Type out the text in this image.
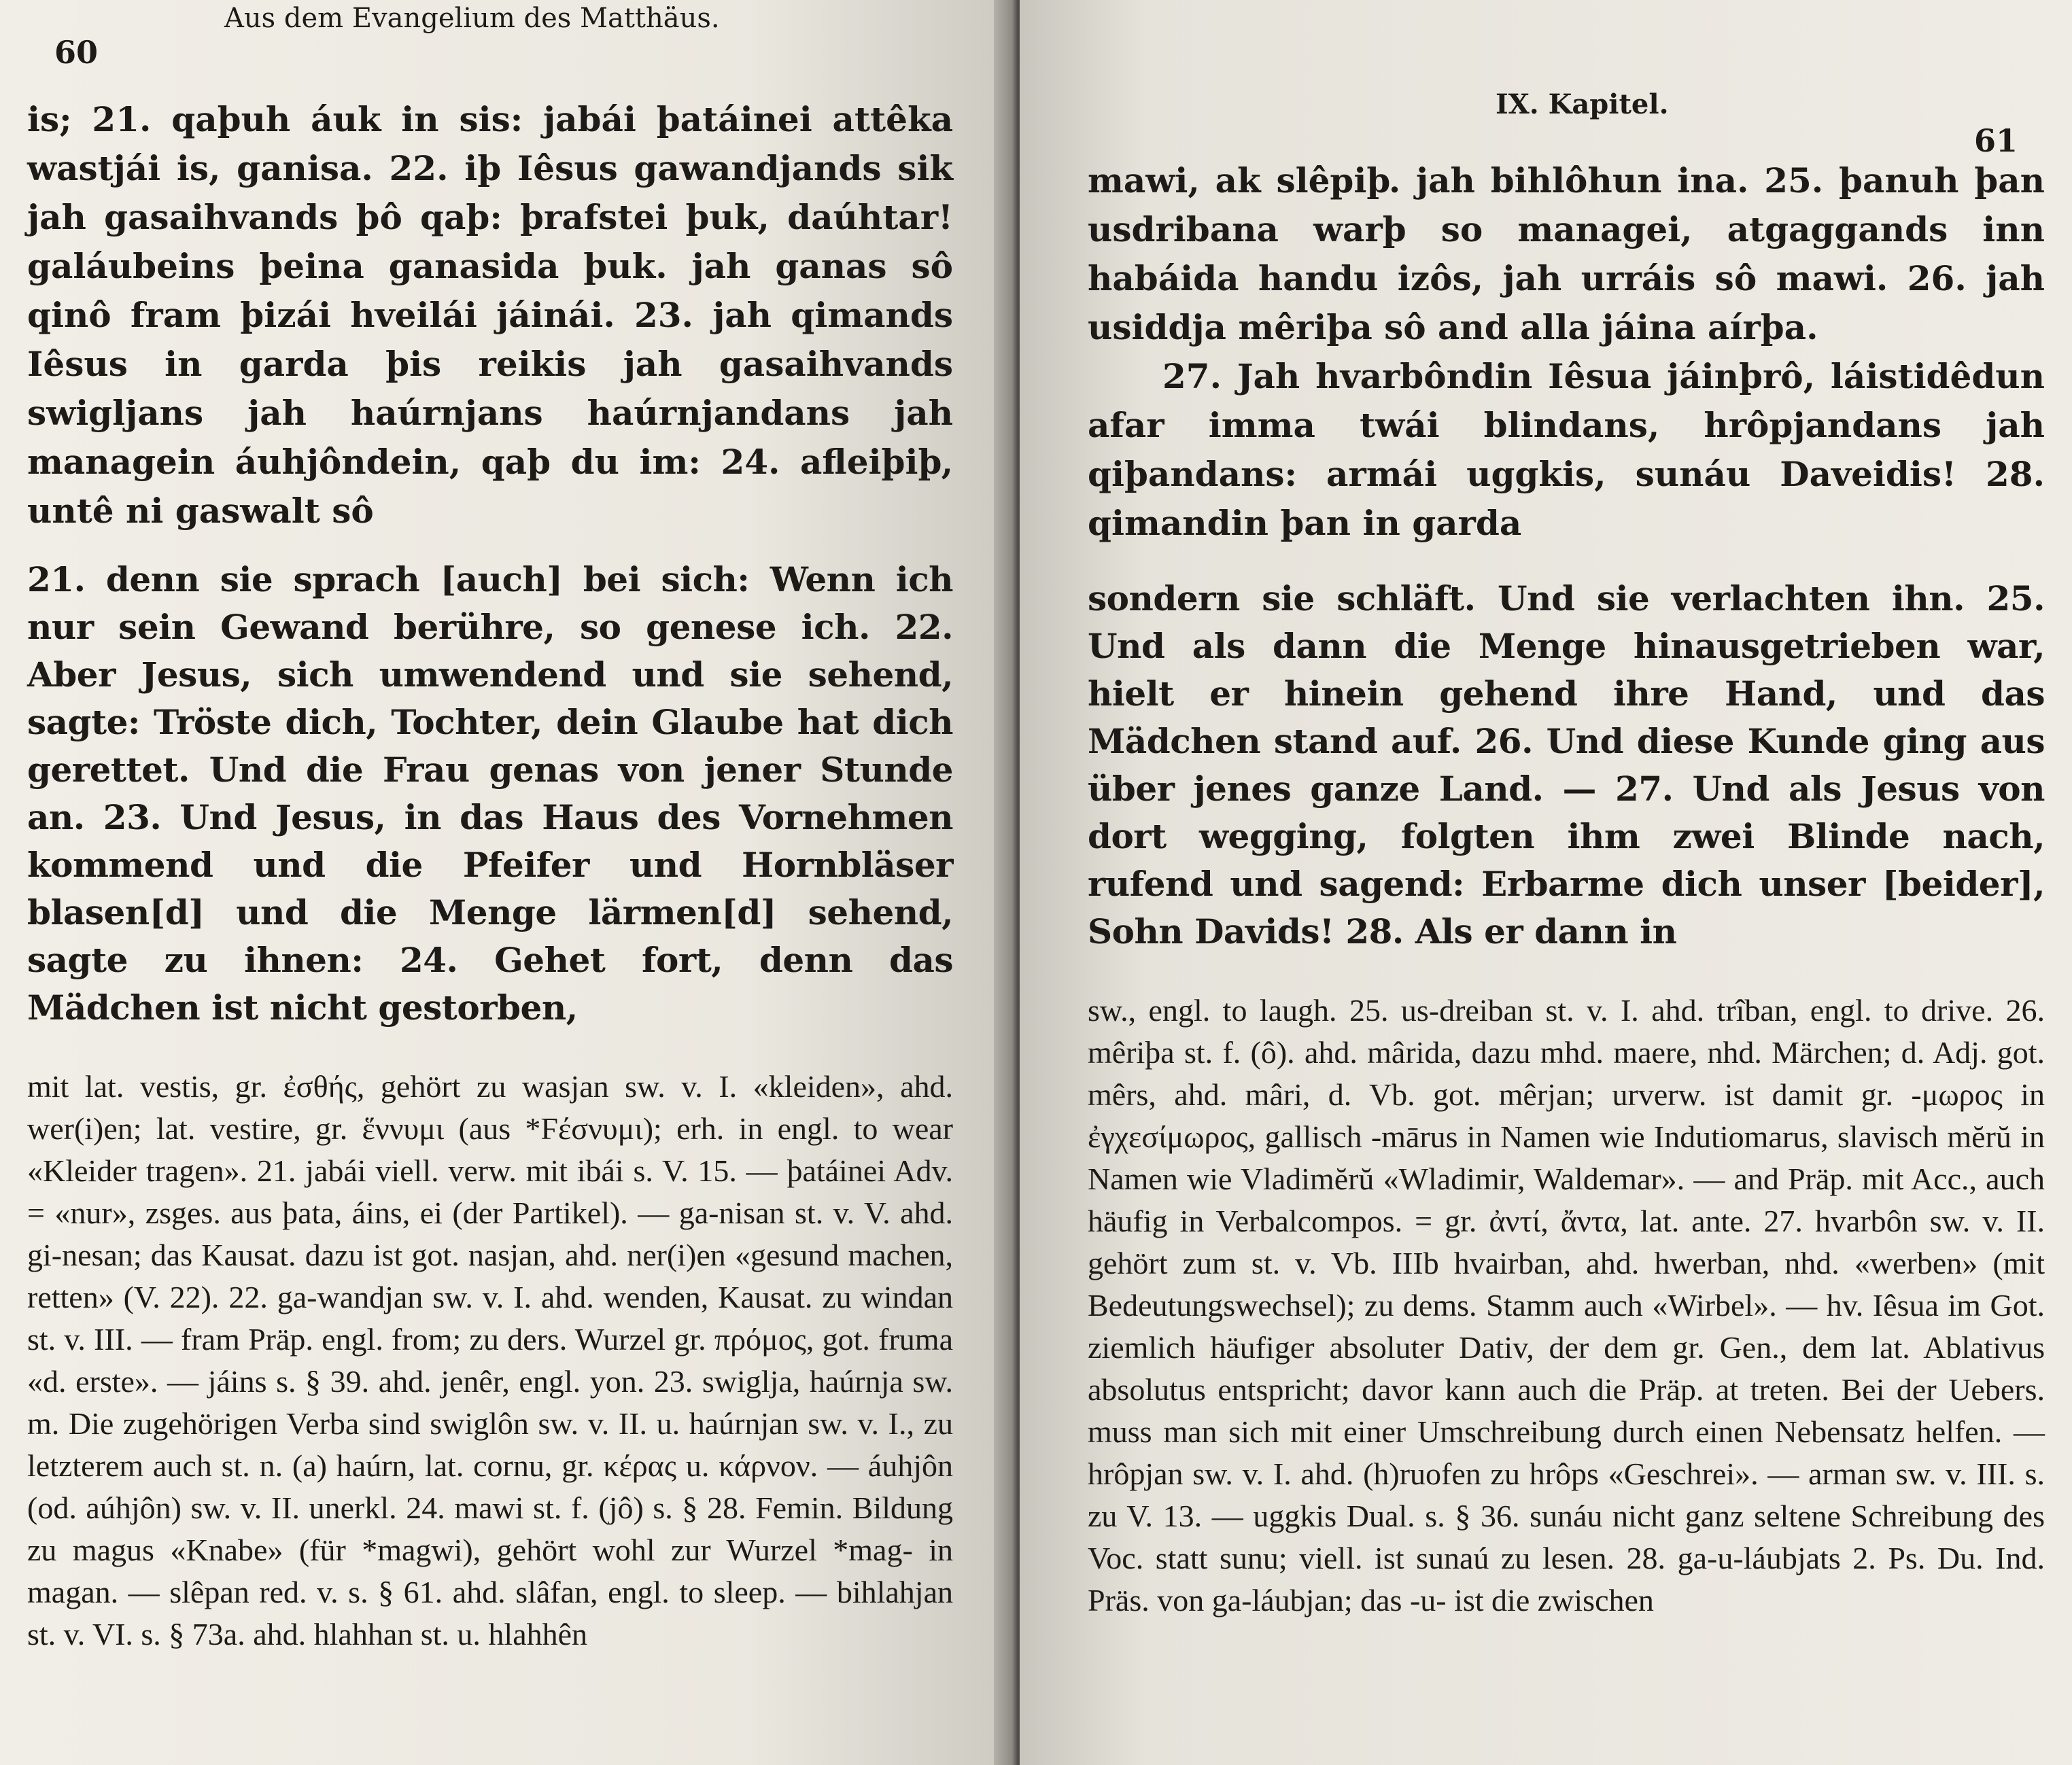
60
Aus dem Evangelium des Matthäus.

is; 21. qaþuh áuk in sis: jabái þatáinei attêka wastjái is, ganisa. 22. iþ Iêsus gawandjands sik jah gasaihvands þô qaþ: þrafstei þuk, daúhtar! galáubeins þeina ganasida þuk. jah ganas sô qinô fram þizái hveilái jáinái. 23. jah qimands Iêsus in garda þis reikis jah gasaihvands swigljans jah haúrnjans haúrnjandans jah managein áuhjôndein, qaþ du im: 24. afleiþiþ, untê ni gaswalt sô

21. denn sie sprach [auch] bei sich: Wenn ich nur sein Gewand berühre, so genese ich. 22. Aber Jesus, sich umwendend und sie sehend, sagte: Tröste dich, Tochter, dein Glaube hat dich gerettet. Und die Frau genas von jener Stunde an. 23. Und Jesus, in das Haus des Vornehmen kommend und die Pfeifer und Hornbläser blasen[d] und die Menge lärmen[d] sehend, sagte zu ihnen: 24. Gehet fort, denn das Mädchen ist nicht gestorben,

mit lat. vestis, gr. ἐσθής, gehört zu wasjan sw. v. I. «kleiden», ahd. wer(i)en; lat. vestire, gr. ἕννυμι (aus *Ϝέσνυμι); erh. in engl. to wear «Kleider tragen». 21. jabái viell. verw. mit ibái s. V. 15. — þatáinei Adv. = «nur», zsges. aus þata, áins, ei (der Partikel). — ga-nisan st. v. V. ahd. gi-nesan; das Kausat. dazu ist got. nasjan, ahd. ner(i)en «gesund machen, retten» (V. 22). 22. ga-wandjan sw. v. I. ahd. wenden, Kausat. zu windan st. v. III. — fram Präp. engl. from; zu ders. Wurzel gr. πρόμος, got. fruma «d. erste». — jáins s. § 39. ahd. jenêr, engl. yon. 23. swiglja, haúrnja sw. m. Die zugehörigen Verba sind swiglôn sw. v. II. u. haúrnjan sw. v. I., zu letzterem auch st. n. (a) haúrn, lat. cornu, gr. κέρας u. κάρνον. — áuhjôn (od. aúhjôn) sw. v. II. unerkl. 24. mawi st. f. (jô) s. § 28. Femin. Bildung zu magus «Knabe» (für *magwi), gehört wohl zur Wurzel *mag- in magan. — slêpan red. v. s. § 61. ahd. slâfan, engl. to sleep. — bihlahjan st. v. VI. s. § 73a. ahd. hlahhan st. u. hlahhên

IX. Kapitel.
61

mawi, ak slêpiþ. jah bihlôhun ina. 25. þanuh þan usdribana warþ so managei, atgaggands inn habáida handu izôs, jah urráis sô mawi. 26. jah usiddja mêriþa sô and alla jáina aírþa.

27. Jah hvarbôndin Iêsua jáinþrô, láistidêdun afar imma twái blindans, hrôpjandans jah qiþandans: armái uggkis, sunáu Daveidis! 28. qimandin þan in garda

sondern sie schläft. Und sie verlachten ihn. 25. Und als dann die Menge hinausgetrieben war, hielt er hinein gehend ihre Hand, und das Mädchen stand auf. 26. Und diese Kunde ging aus über jenes ganze Land. — 27. Und als Jesus von dort wegging, folgten ihm zwei Blinde nach, rufend und sagend: Erbarme dich unser [beider], Sohn Davids! 28. Als er dann in

sw., engl. to laugh. 25. us-dreiban st. v. I. ahd. trîban, engl. to drive. 26. mêriþa st. f. (ô). ahd. mârida, dazu mhd. maere, nhd. Märchen; d. Adj. got. mêrs, ahd. mâri, d. Vb. got. mêrjan; urverw. ist damit gr. -μωρος in ἐγχεσίμωρος, gallisch -mārus in Namen wie Indutiomarus, slavisch mĕrŭ in Namen wie Vladimĕrŭ «Wladimir, Waldemar». — and Präp. mit Acc., auch häufig in Verbalcompos. = gr. ἀντί, ἄντα, lat. ante. 27. hvarbôn sw. v. II. gehört zum st. v. Vb. IIIb hvairban, ahd. hwerban, nhd. «werben» (mit Bedeutungswechsel); zu dems. Stamm auch «Wirbel». — hv. Iêsua im Got. ziemlich häufiger absoluter Dativ, der dem gr. Gen., dem lat. Ablativus absolutus entspricht; davor kann auch die Präp. at treten. Bei der Uebers. muss man sich mit einer Umschreibung durch einen Nebensatz helfen. — hrôpjan sw. v. I. ahd. (h)ruofen zu hrôps «Geschrei». — arman sw. v. III. s. zu V. 13. — uggkis Dual. s. § 36. sunáu nicht ganz seltene Schreibung des Voc. statt sunu; viell. ist sunaú zu lesen. 28. ga-u-láubjats 2. Ps. Du. Ind. Präs. von ga-láubjan; das -u- ist die zwischen
